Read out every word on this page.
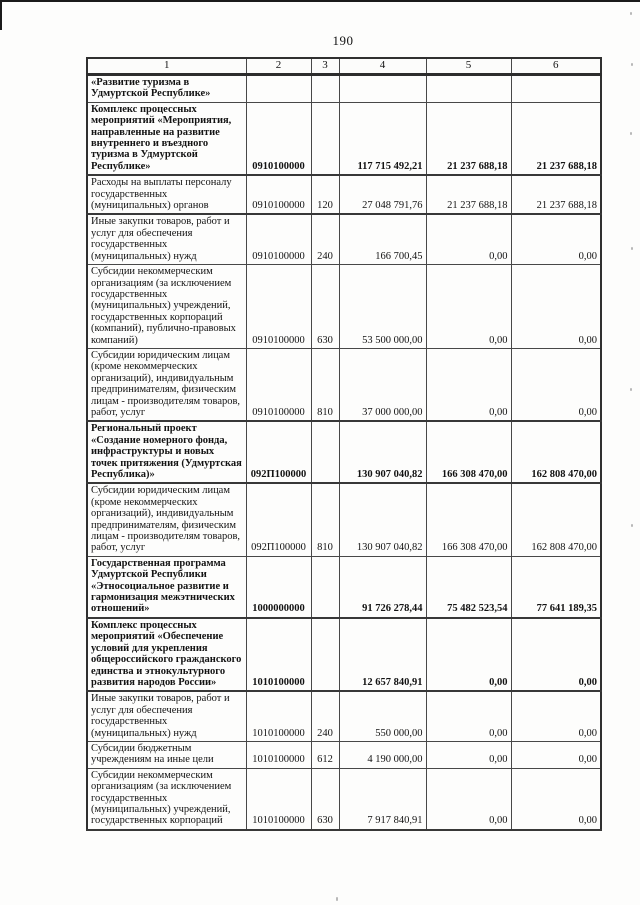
190
1	2	3	4	5	6
«Развитие туризма в Удмуртской Республике»					
Комплекс процессных мероприятий «Мероприятия, направленные на развитие внутреннего и въездного туризма в Удмуртской Республике»	0910100000		117 715 492,21	21 237 688,18	21 237 688,18
Расходы на выплаты персоналу государственных (муниципальных) органов	0910100000	120	27 048 791,76	21 237 688,18	21 237 688,18
Иные закупки товаров, работ и услуг для обеспечения государственных (муниципальных) нужд	0910100000	240	166 700,45	0,00	0,00
Субсидии некоммерческим организациям (за исключением государственных (муниципальных) учреждений, государственных корпораций (компаний), публично-правовых компаний)	0910100000	630	53 500 000,00	0,00	0,00
Субсидии юридическим лицам (кроме некоммерческих организаций), индивидуальным предпринимателям, физическим лицам - производителям товаров, работ, услуг	0910100000	810	37 000 000,00	0,00	0,00
Региональный проект «Создание номерного фонда, инфраструктуры и новых точек притяжения (Удмуртская Республика)»	092П100000		130 907 040,82	166 308 470,00	162 808 470,00
Субсидии юридическим лицам (кроме некоммерческих организаций), индивидуальным предпринимателям, физическим лицам - производителям товаров, работ, услуг	092П100000	810	130 907 040,82	166 308 470,00	162 808 470,00
Государственная программа Удмуртской Республики «Этносоциальное развитие и гармонизация межэтнических отношений»	1000000000		91 726 278,44	75 482 523,54	77 641 189,35
Комплекс процессных мероприятий «Обеспечение условий для укрепления общероссийского гражданского единства и этнокультурного развития народов России»	1010100000		12 657 840,91	0,00	0,00
Иные закупки товаров, работ и услуг для обеспечения государственных (муниципальных) нужд	1010100000	240	550 000,00	0,00	0,00
Субсидии бюджетным учреждениям на иные цели	1010100000	612	4 190 000,00	0,00	0,00
Субсидии некоммерческим организациям (за исключением государственных (муниципальных) учреждений, государственных корпораций	1010100000	630	7 917 840,91	0,00	0,00
